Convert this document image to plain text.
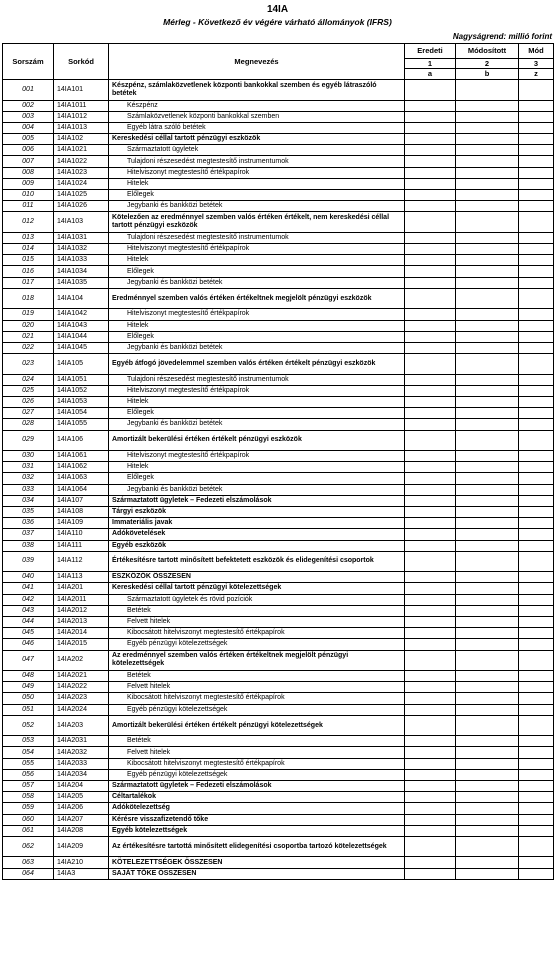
14IA
Mérleg - Következő év végére várható állományok (IFRS)
Nagyságrend: millió forint
Sorszám	Sorkód	Megnevezés	Eredeti	Módosított	Mód
			1	2	3
			a	b	z
001	14IA101	Készpénz, számlaközvetlenek központi bankokkal szemben és egyéb látraszóló betétek			
002	14IA1011	Készpénz			
003	14IA1012	Számlaközvetlenek központi bankokkal szemben			
004	14IA1013	Egyéb látra szóló betétek			
005	14IA102	Kereskedési céllal tartott pénzügyi eszközök			
006	14IA1021	Származtatott ügyletek			
007	14IA1022	Tulajdoni részesedést megtestesítő instrumentumok			
008	14IA1023	Hitelviszonyt megtestesítő értékpapírok			
009	14IA1024	Hitelek			
010	14IA1025	Előlegek			
011	14IA1026	Jegybanki és bankközi betétek			
012	14IA103	Kötelezően az eredménnyel szemben valós értéken értékelt, nem kereskedési céllal tartott pénzügyi eszközök			
013	14IA1031	Tulajdoni részesedést megtestesítő instrumentumok			
014	14IA1032	Hitelviszonyt megtestesítő értékpapírok			
015	14IA1033	Hitelek			
016	14IA1034	Előlegek			
017	14IA1035	Jegybanki és bankközi betétek			
018	14IA104	Eredménnyel szemben valós értéken értékeltnek megjelölt pénzügyi eszközök			
019	14IA1042	Hitelviszonyt megtestesítő értékpapírok			
020	14IA1043	Hitelek			
021	14IA1044	Előlegek			
022	14IA1045	Jegybanki és bankközi betétek			
023	14IA105	Egyéb átfogó jövedelemmel szemben valós értéken értékelt pénzügyi eszközök			
024	14IA1051	Tulajdoni részesedést megtestesítő instrumentumok			
025	14IA1052	Hitelviszonyt megtestesítő értékpapírok			
026	14IA1053	Hitelek			
027	14IA1054	Előlegek			
028	14IA1055	Jegybanki és bankközi betétek			
029	14IA106	Amortizált bekerülési értéken értékelt pénzügyi eszközök			
030	14IA1061	Hitelviszonyt megtestesítő értékpapírok			
031	14IA1062	Hitelek			
032	14IA1063	Előlegek			
033	14IA1064	Jegybanki és bankközi betétek			
034	14IA107	Származtatott ügyletek – Fedezeti elszámolások			
035	14IA108	Tárgyi eszközök			
036	14IA109	Immateriális javak			
037	14IA110	Adókövetelések			
038	14IA111	Egyéb eszközök			
039	14IA112	Értékesítésre tartott minősített befektetett eszközök és elidegenítési csoportok			
040	14IA113	ESZKÖZÖK ÖSSZESEN			
041	14IA201	Kereskedési céllal tartott pénzügyi kötelezettségek			
042	14IA2011	Származtatott ügyletek és rövid pozíciók			
043	14IA2012	Betétek			
044	14IA2013	Felvett hitelek			
045	14IA2014	Kibocsátott hitelviszonyt megtestesítő értékpapírok			
046	14IA2015	Egyéb pénzügyi kötelezettségek			
047	14IA202	Az eredménnyel szemben valós értéken értékeltnek megjelölt pénzügyi kötelezettségek			
048	14IA2021	Betétek			
049	14IA2022	Felvett hitelek			
050	14IA2023	Kibocsátott hitelviszonyt megtestesítő értékpapírok			
051	14IA2024	Egyéb pénzügyi kötelezettségek			
052	14IA203	Amortizált bekerülési értéken értékelt pénzügyi kötelezettségek			
053	14IA2031	Betétek			
054	14IA2032	Felvett hitelek			
055	14IA2033	Kibocsátott hitelviszonyt megtestesítő értékpapírok			
056	14IA2034	Egyéb pénzügyi kötelezettségek			
057	14IA204	Származtatott ügyletek – Fedezeti elszámolások			
058	14IA205	Céltartalékok			
059	14IA206	Adókötelezettség			
060	14IA207	Kérésre visszafizetendő tőke			
061	14IA208	Egyéb kötelezettségek			
062	14IA209	Az értékesítésre tartottá minősített elidegenítési csoportba tartozó kötelezettségek			
063	14IA210	KÖTELEZETTSÉGEK ÖSSZESEN			
064	14IA3	SAJÁT TŐKE ÖSSZESEN			
